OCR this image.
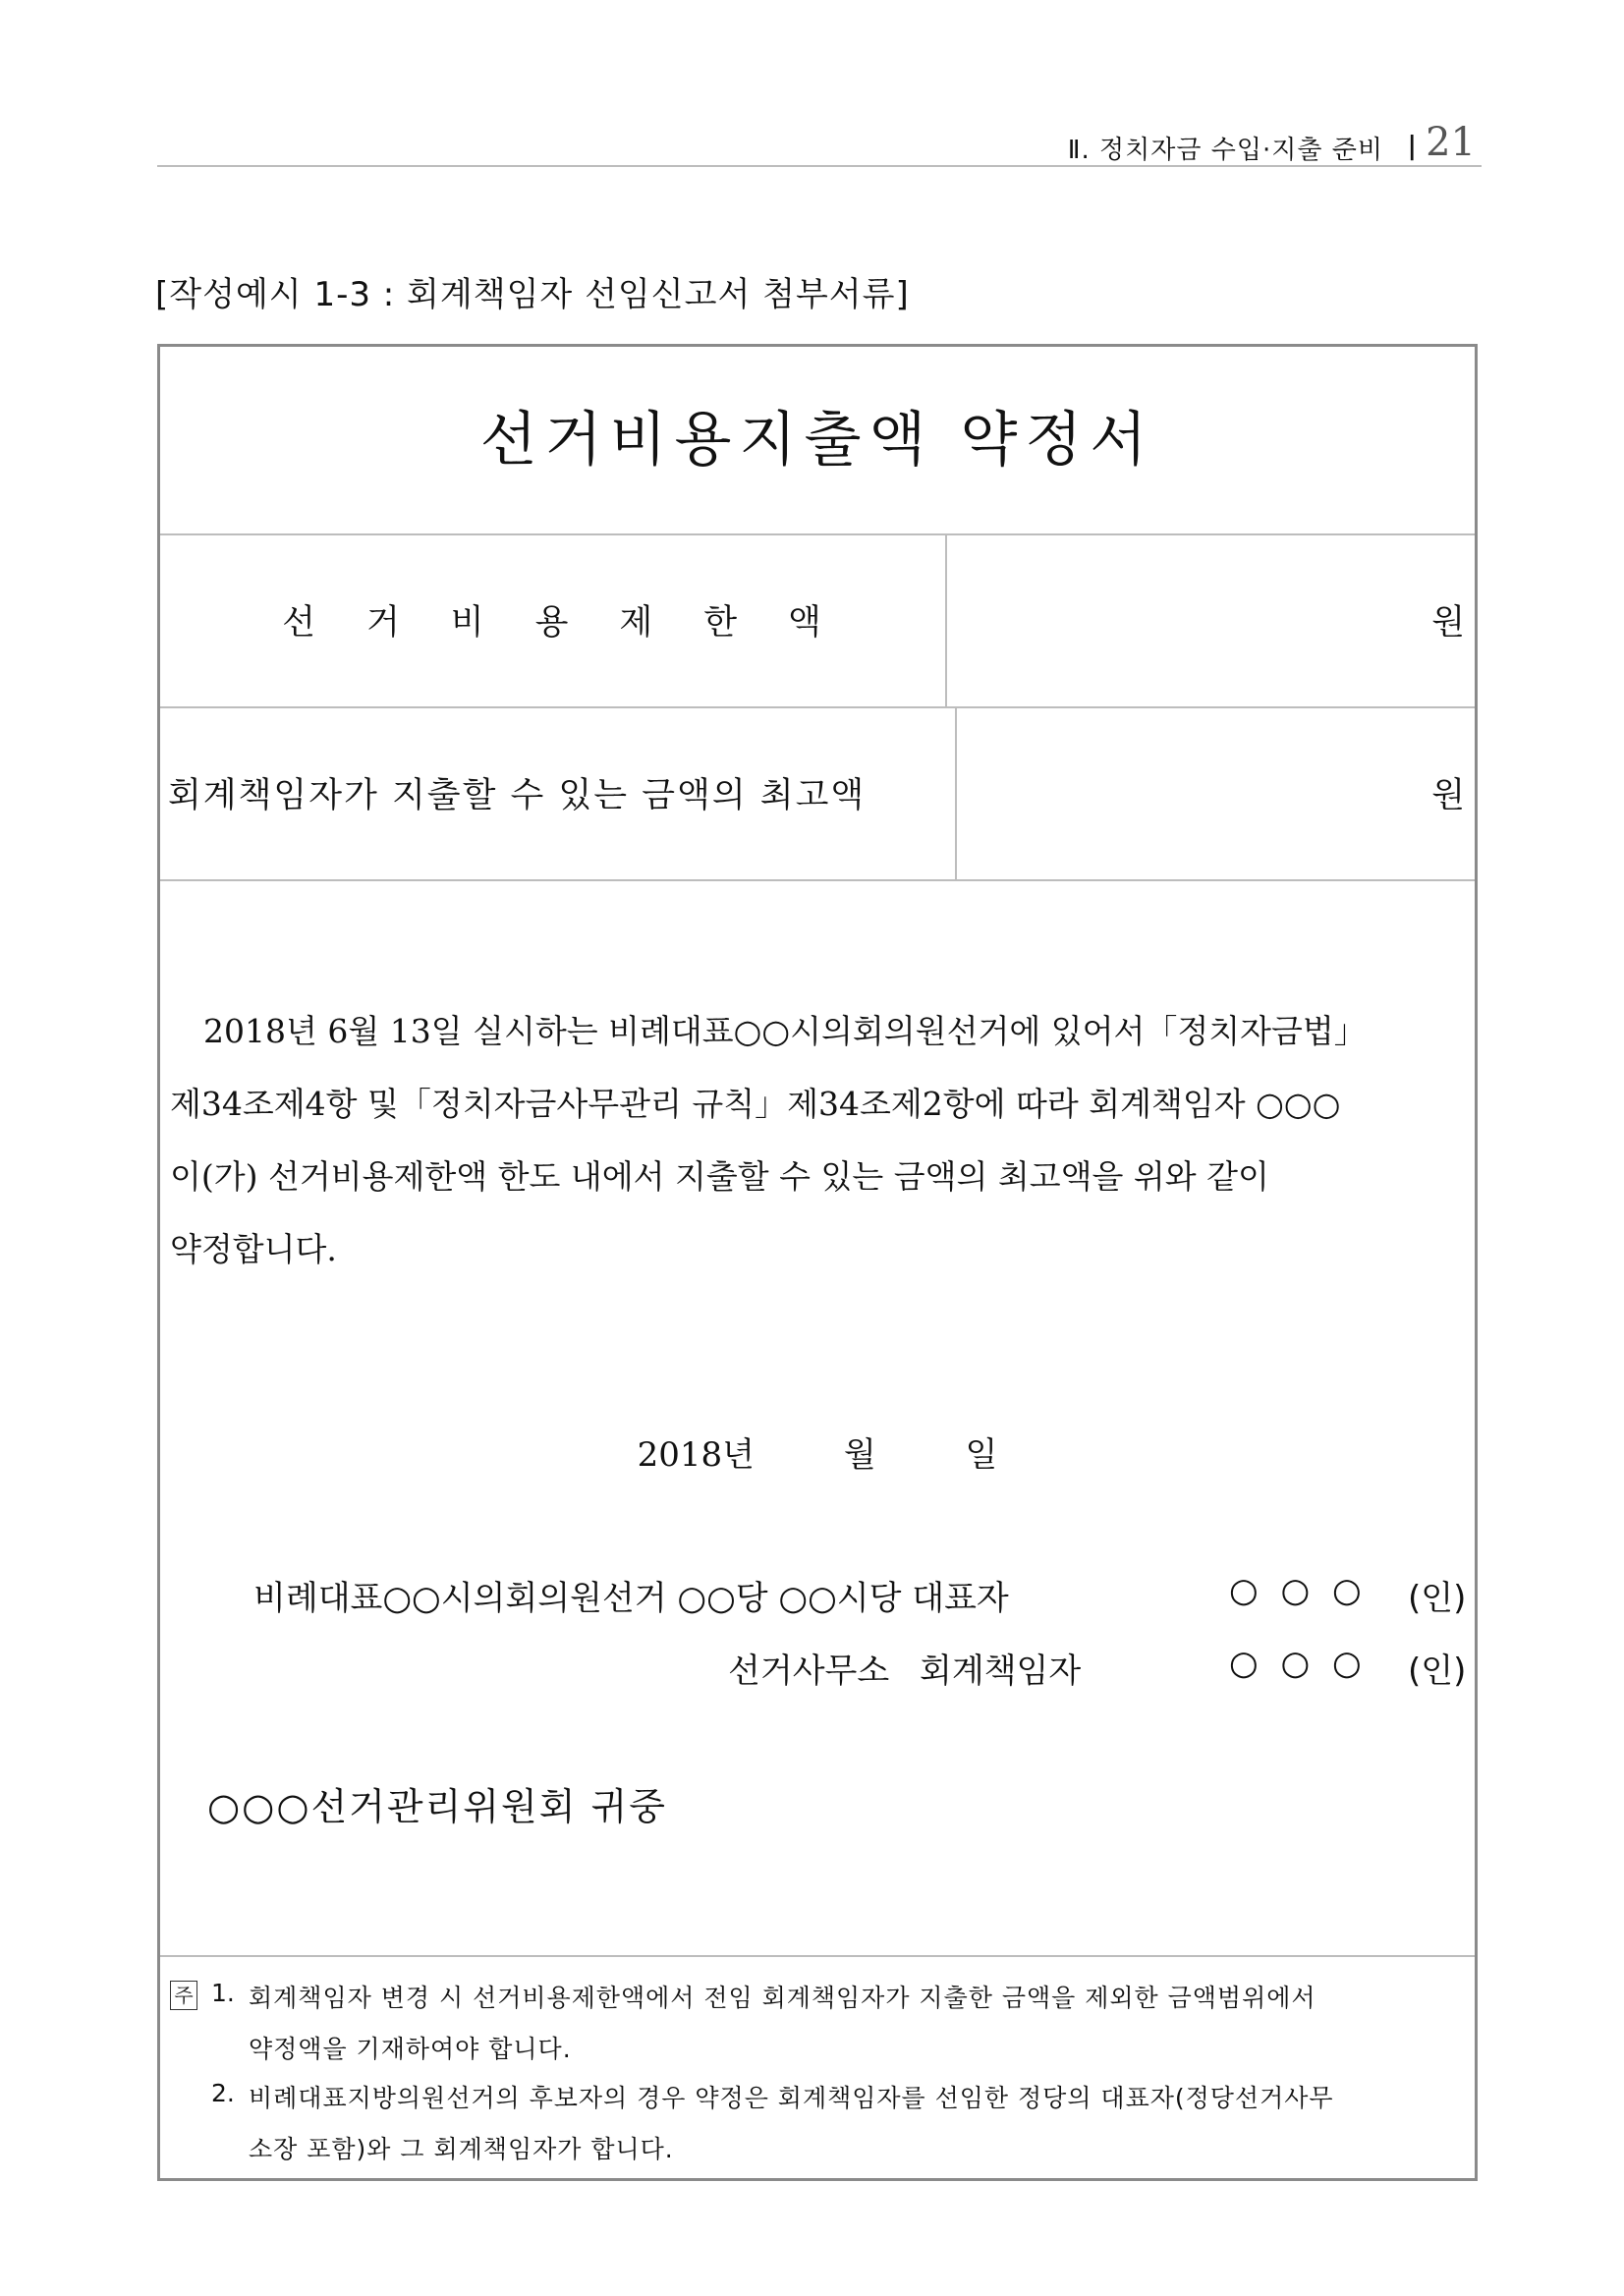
Ⅱ. 정치자금 수입·지출 준비 | 21
[작성예시 1-3 : 회계책임자 선임신고서 첨부서류]
선거비용지출액 약정서
선거비용제한액	원
회계책임자가 지출할 수 있는 금액의 최고액	원
2018년 6월 13일 실시하는 비례대표○○시의회의원선거에 있어서「정치자금법」
제34조제4항 및「정치자금사무관리 규칙」제34조제2항에 따라 회계책임자 ○○○
이(가) 선거비용제한액 한도 내에서 지출할 수 있는 금액의 최고액을 위와 같이
약정합니다.
2018년	월	일
비례대표○○시의회의원선거 ○○당 ○○시당 대표자	○ ○ ○ (인)
선거사무소 회계책임자	○ ○ ○ (인)
○○○선거관리위원회 귀중
주 1. 회계책임자 변경 시 선거비용제한액에서 전임 회계책임자가 지출한 금액을 제외한 금액범위에서
약정액을 기재하여야 합니다.
2. 비례대표지방의원선거의 후보자의 경우 약정은 회계책임자를 선임한 정당의 대표자(정당선거사무
소장 포함)와 그 회계책임자가 합니다.
